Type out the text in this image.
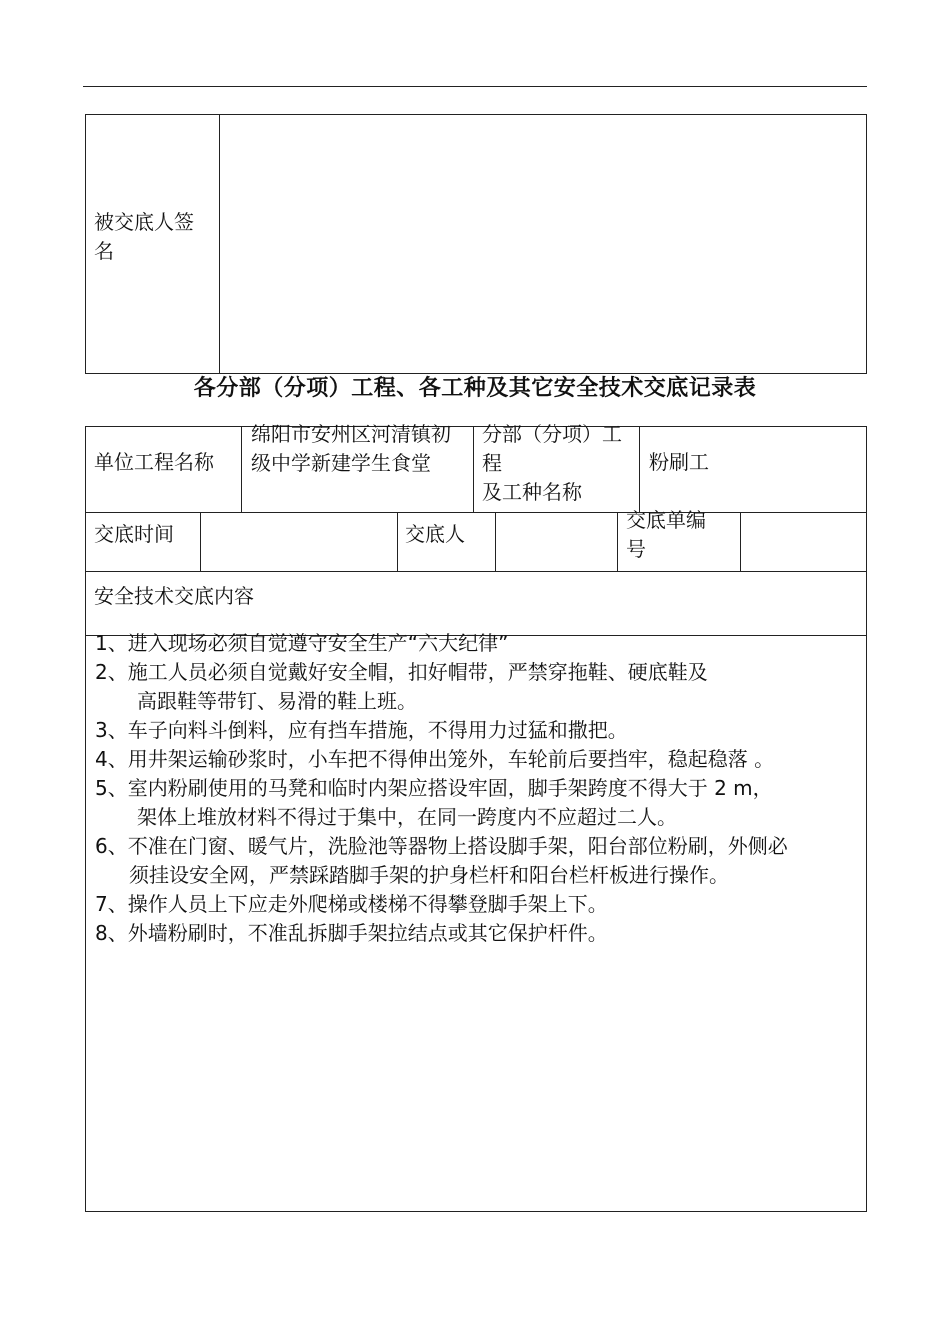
被交底人签名
各分部（分项）工程、各工种及其它安全技术交底记录表
单位工程名称
绵阳市安州区河清镇初级中学新建学生食堂
分部（分项）工程
及工种名称
粉刷工
交底时间	交底人
交底单编号
安全技术交底内容

1、进入现场必须自觉遵守安全生产“六大纪律”

2、施工人员必须自觉戴好安全帽，扣好帽带，严禁穿拖鞋、硬底鞋及

高跟鞋等带钉、易滑的鞋上班。

3、车子向料斗倒料，应有挡车措施，不得用力过猛和撒把。

4、用井架运输砂浆时，小车把不得伸出笼外，车轮前后要挡牢，稳起稳落 。

5、室内粉刷使用的马凳和临时内架应搭设牢固，脚手架跨度不得大于 2 m，

架体上堆放材料不得过于集中，在同一跨度内不应超过二人。

6、不准在门窗、暖气片，洗脸池等器物上搭设脚手架，阳台部位粉刷，外侧必

须挂设安全网，严禁踩踏脚手架的护身栏杆和阳台栏杆板进行操作。

7、操作人员上下应走外爬梯或楼梯不得攀登脚手架上下。

8、外墙粉刷时，不准乱拆脚手架拉结点或其它保护杆件。
